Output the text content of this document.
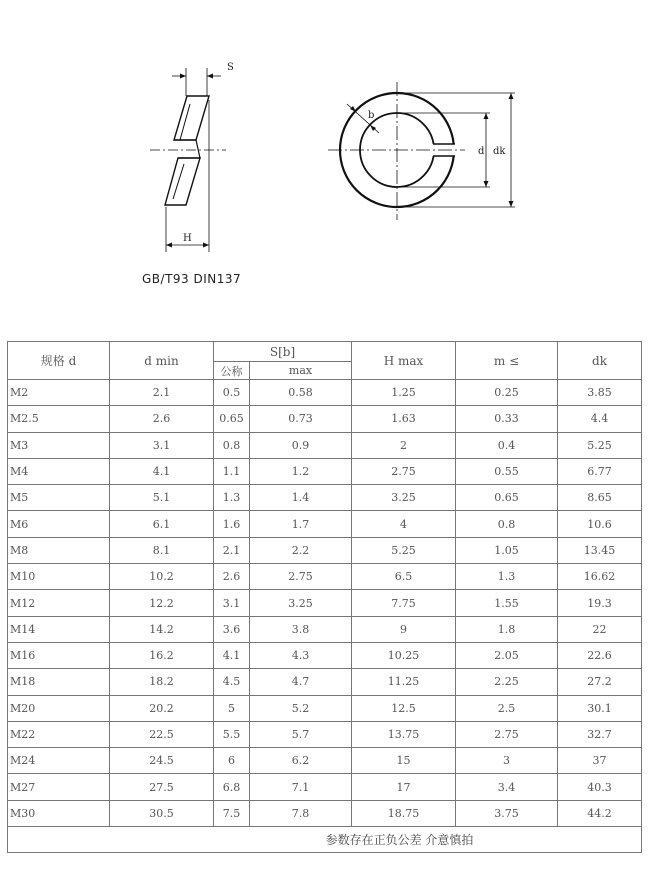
S
H
b
d dk
GB/T93 DIN137
规格 d	d min	S[b]		H max	m ≤	dk
		公称	max			
M2	2.1	0.5	0.58	1.25	0.25	3.85
M2.5	2.6	0.65	0.73	1.63	0.33	4.4
M3	3.1	0.8	0.9	2	0.4	5.25
M4	4.1	1.1	1.2	2.75	0.55	6.77
M5	5.1	1.3	1.4	3.25	0.65	8.65
M6	6.1	1.6	1.7	4	0.8	10.6
M8	8.1	2.1	2.2	5.25	1.05	13.45
M10	10.2	2.6	2.75	6.5	1.3	16.62
M12	12.2	3.1	3.25	7.75	1.55	19.3
M14	14.2	3.6	3.8	9	1.8	22
M16	16.2	4.1	4.3	10.25	2.05	22.6
M18	18.2	4.5	4.7	11.25	2.25	27.2
M20	20.2	5	5.2	12.5	2.5	30.1
M22	22.5	5.5	5.7	13.75	2.75	32.7
M24	24.5	6	6.2	15	3	37
M27	27.5	6.8	7.1	17	3.4	40.3
M30	30.5	7.5	7.8	18.75	3.75	44.2
参数存在正负公差 介意慎拍						
